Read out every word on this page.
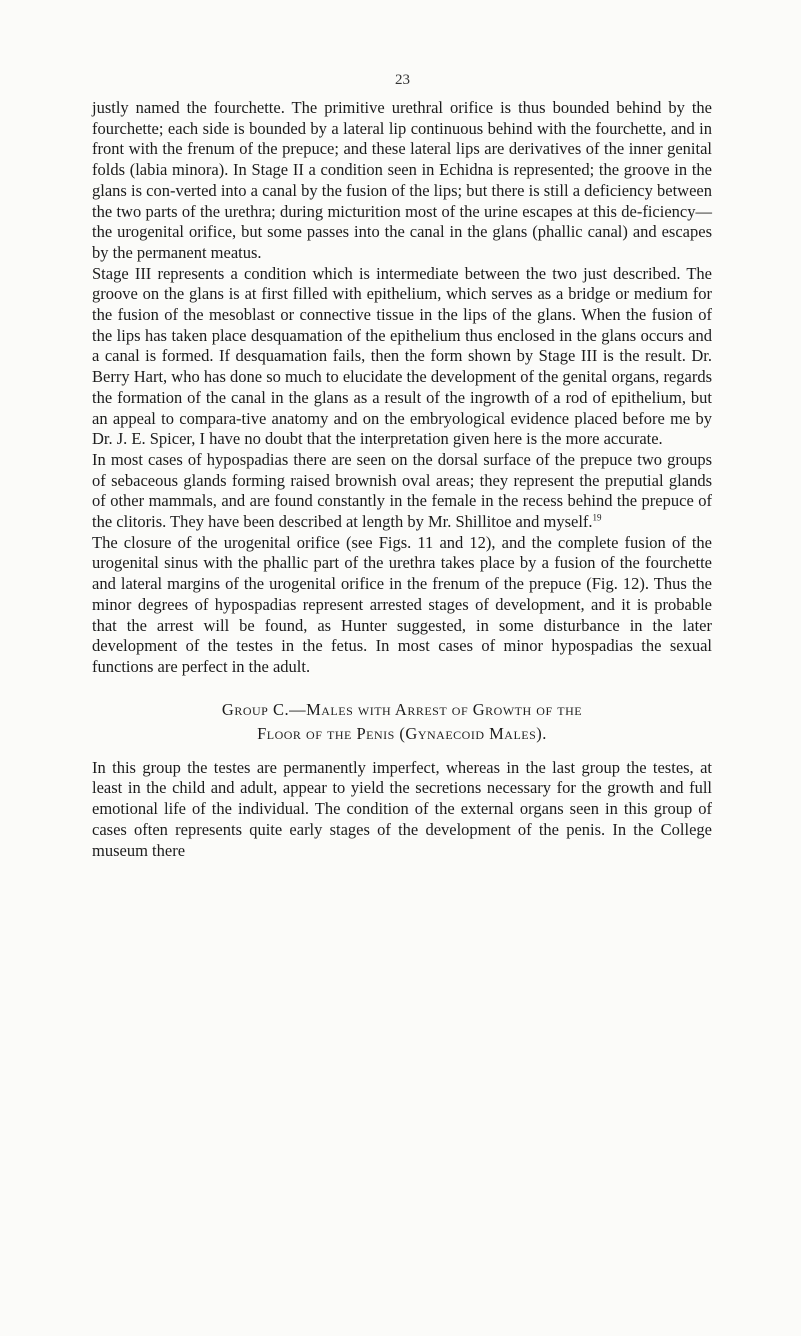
23

justly named the fourchette. The primitive urethral orifice is thus bounded behind by the fourchette; each side is bounded by a lateral lip continuous behind with the fourchette, and in front with the frenum of the prepuce; and these lateral lips are derivatives of the inner genital folds (labia minora). In Stage II a condition seen in Echidna is represented; the groove in the glans is con-verted into a canal by the fusion of the lips; but there is still a deficiency between the two parts of the urethra; during micturition most of the urine escapes at this de-ficiency—the urogenital orifice, but some passes into the canal in the glans (phallic canal) and escapes by the permanent meatus.

Stage III represents a condition which is intermediate between the two just described. The groove on the glans is at first filled with epithelium, which serves as a bridge or medium for the fusion of the mesoblast or connective tissue in the lips of the glans. When the fusion of the lips has taken place desquamation of the epithelium thus enclosed in the glans occurs and a canal is formed. If desquamation fails, then the form shown by Stage III is the result. Dr. Berry Hart, who has done so much to elucidate the development of the genital organs, regards the formation of the canal in the glans as a result of the ingrowth of a rod of epithelium, but an appeal to compara-tive anatomy and on the embryological evidence placed before me by Dr. J. E. Spicer, I have no doubt that the interpretation given here is the more accurate.

In most cases of hypospadias there are seen on the dorsal surface of the prepuce two groups of sebaceous glands forming raised brownish oval areas; they represent the preputial glands of other mammals, and are found constantly in the female in the recess behind the prepuce of the clitoris. They have been described at length by Mr. Shillitoe and myself.$^{19}$

The closure of the urogenital orifice (see Figs. 11 and 12), and the complete fusion of the urogenital sinus with the phallic part of the urethra takes place by a fusion of the fourchette and lateral margins of the urogenital orifice in the frenum of the prepuce (Fig. 12). Thus the minor degrees of hypospadias represent arrested stages of development, and it is probable that the arrest will be found, as Hunter suggested, in some disturbance in the later development of the testes in the fetus. In most cases of minor hypospadias the sexual functions are perfect in the adult.

Group C.—Males with Arrest of Growth of the
Floor of the Penis (Gynaecoid Males).

In this group the testes are permanently imperfect, whereas in the last group the testes, at least in the child and adult, appear to yield the secretions necessary for the growth and full emotional life of the individual. The condition of the external organs seen in this group of cases often represents quite early stages of the development of the penis. In the College museum there
